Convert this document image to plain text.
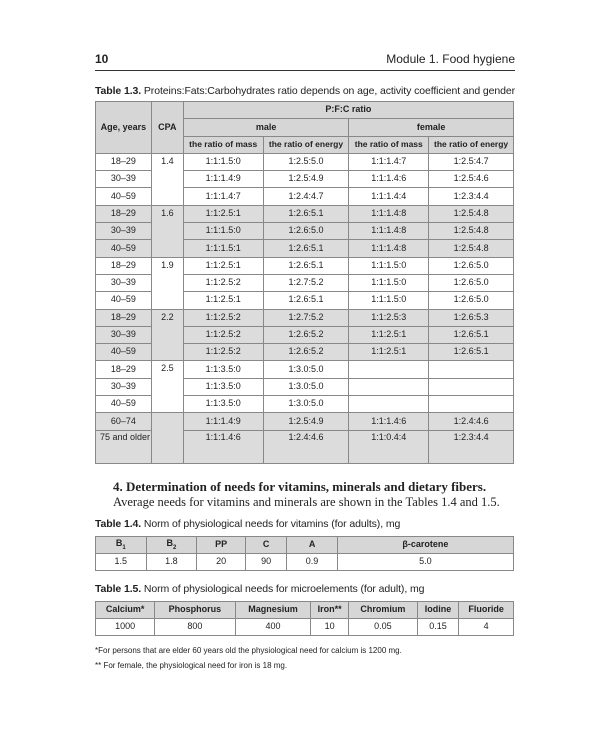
10	Module 1. Food hygiene
Table 1.3. Proteins:Fats:Carbohydrates ratio depends on age, activity coefficient and gender
Age, years	CPA	P:F:C ratio			
		male		female	
		the ratio of mass	the ratio of energy	the ratio of mass	the ratio of energy
18–29	1.4	1:1:1.5:0	1:2.5:5.0	1:1:1.4:7	1:2.5:4.7
30–39		1:1:1.4:9	1:2.5:4.9	1:1:1.4:6	1:2.5:4.6
40–59		1:1:1.4:7	1:2.4:4.7	1:1:1.4:4	1:2.3:4.4
18–29	1.6	1:1:2.5:1	1:2.6:5.1	1:1:1.4:8	1:2.5:4.8
30–39		1:1:1.5:0	1:2.6:5.0	1:1:1.4:8	1:2.5:4.8
40–59		1:1:1.5:1	1:2.6:5.1	1:1:1.4:8	1:2.5:4.8
18–29	1.9	1:1:2.5:1	1:2.6:5.1	1:1:1.5:0	1:2.6:5.0
30–39		1:1:2.5:2	1:2.7:5.2	1:1:1.5:0	1:2.6:5.0
40–59		1:1:2.5:1	1:2.6:5.1	1:1:1.5:0	1:2.6:5.0
18–29	2.2	1:1:2.5:2	1:2.7:5.2	1:1:2.5:3	1:2.6:5.3
30–39		1:1:2.5:2	1:2.6:5.2	1:1:2.5:1	1:2.6:5.1
40–59		1:1:2.5:2	1:2.6:5.2	1:1:2.5:1	1:2.6:5.1
18–29	2.5	1:1:3.5:0	1:3.0:5.0		
30–39		1:1:3.5:0	1:3.0:5.0		
40–59		1:1:3.5:0	1:3.0:5.0		
60–74		1:1:1.4:9	1:2.5:4.9	1:1:1.4:6	1:2.4:4.6
75 and older		1:1:1.4:6	1:2.4:4.6	1:1:0.4:4	1:2.3:4.4
4. Determination of needs for vitamins, minerals and dietary fibers.
Average needs for vitamins and minerals are shown in the Tables 1.4 and 1.5.
Table 1.4. Norm of physiological needs for vitamins (for adults), mg
$B_1$	$B_2$	PP	C	A	β-carotene
1.5	1.8	20	90	0.9	5.0
Table 1.5. Norm of physiological needs for microelements (for adult), mg
Calcium*	Phosphorus	Magnesium	Iron**	Chromium	Iodine	Fluoride
1000	800	400	10	0.05	0.15	4
*For persons that are elder 60 years old the physiological need for calcium is 1200 mg.
** For female, the physiological need for iron is 18 mg.
